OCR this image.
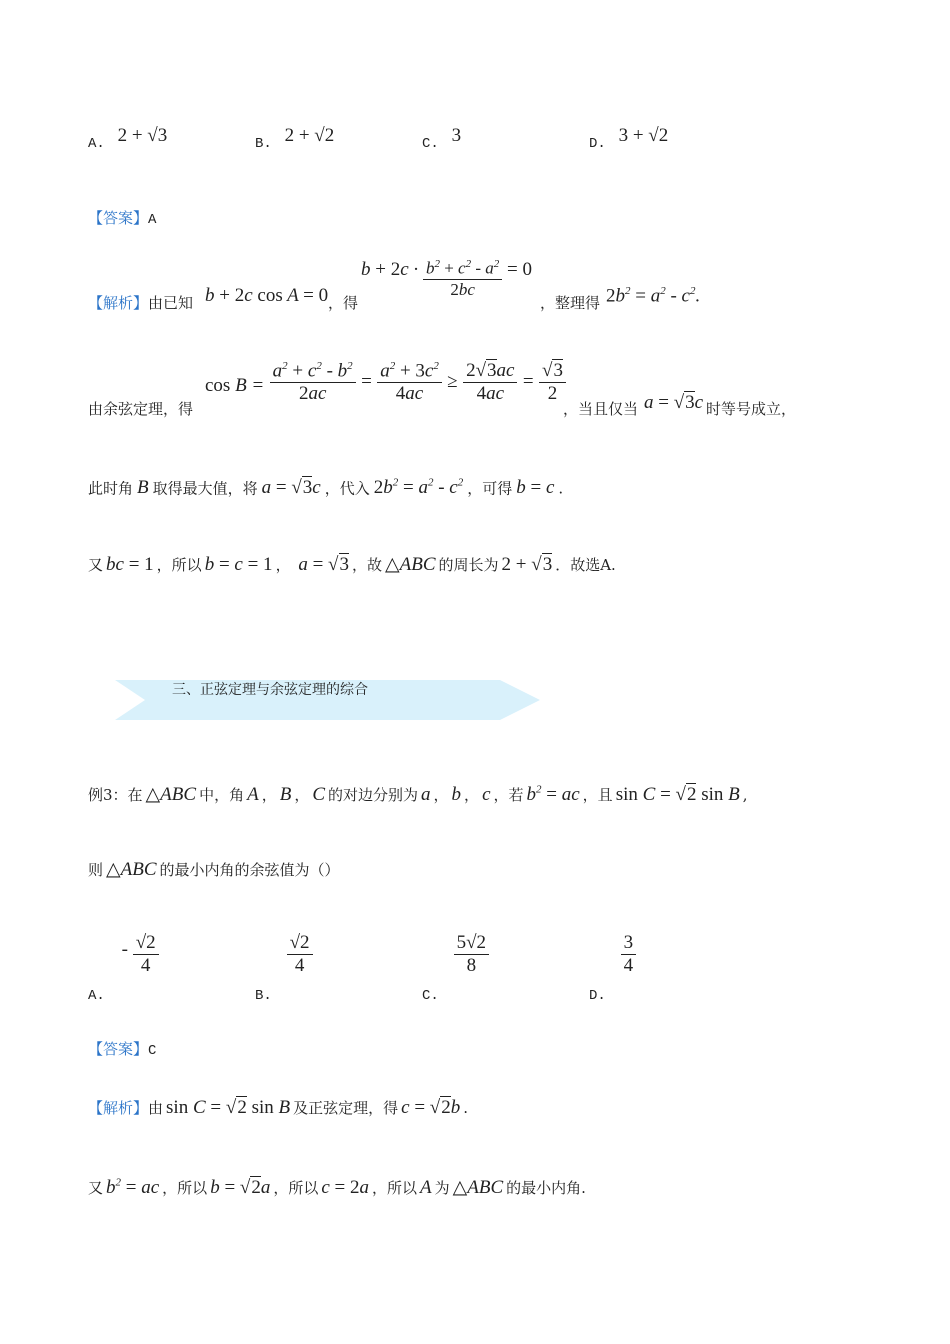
A. 2 + √3	B. 2 + √2	C. 3	D. 3 + √2
【答案】A
【解析】由已知 b + 2c cos A = 0 ，得
$b + 2c \cdot \frac{b^2 + c^2 - a^2}{2bc} = 0$
，整理得 $2b^2 = a^2 - c^2$.
由余弦定理，得
$\cos B = \frac{a^2 + c^2 - b^2}{2ac} = \frac{a^2 + 3c^2}{4ac} \ge \frac{2√3ac}{4ac} = \frac{√3}{2}$
，当且仅当 a = √3c 时等号成立，
此时角 B 取得最大值，将 a = √3c ，代入 $2b^2 = a^2 - c^2$ ，可得 b = c .
又 bc = 1 ，所以 b = c = 1 ， a = √3 ，故 △ABC 的周长为 2 + √3 ．故选A.
三、正弦定理与余弦定理的综合
例3：在 △ABC 中，角 A ， B ， C 的对边分别为 a ， b ， c ，若 $b^2$ = ac ，且 sin C = √2 sin B ,
则 △ABC 的最小内角的余弦值为（）
A. - $\frac{√2}{4}$
B.
$\frac{√2}{4}$
C.
$\frac{5√2}{8}$
D.
$\frac{3}{4}$
【答案】C
【解析】由 sin C = √2 sin B 及正弦定理，得 c = √2b .
又 $b^2$ = ac ，所以 b = √2a ，所以 c = 2a ，所以 A 为 △ABC 的最小内角.
